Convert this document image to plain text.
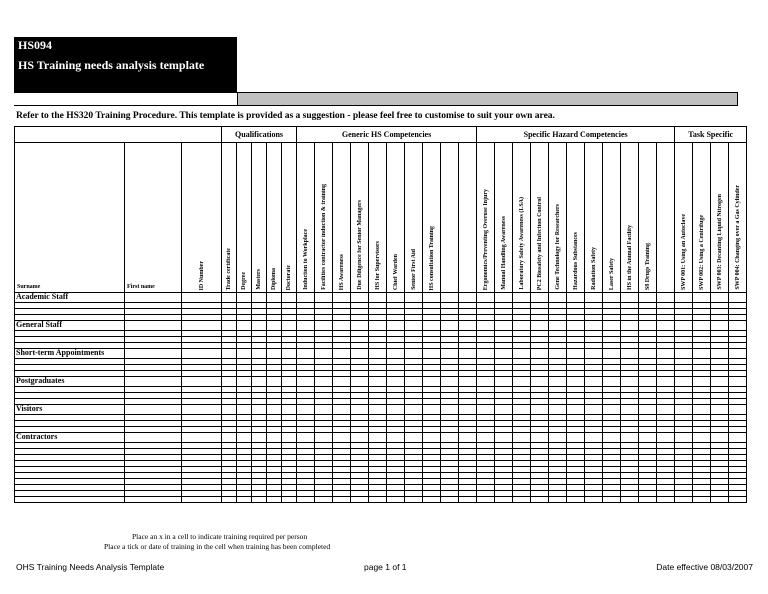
HS094
HS Training needs analysis template
Refer to the HS320 Training Procedure. This template is provided as a suggestion - please feel free to customise to suit your own area.
			Qualifications					Generic HS Competencies										Specific Hazard Competencies											Task Specific			

Surname	First name	ID Number	Trade certificate	Degree	Masters	Diploma	Doctorate	Induction to Workplace	Facilities contractor induction & training	HS Awareness	Due Diligence for Senior Managers	HS for Supervisors	Chief Warden	Senior First Aid	HS consultation Training			Ergonomics/Preventing Overuse Injury	Manual Handling Awareness	Laboratory Safety Awareness (LSA)	PC2 Biosafety and Infection Control	Gene Technology for Researchers	Hazardous Substances	Radiation Safety	Laser Safety	HS in the Animal Facility	S8 Drugs Training		SWP 001: Using an Autoclave	SWP 002: Using a Centrifuge	SWP 003: Decanting Liquid Nitrogen	SWP 004: Changing over a Gas Cylinder

Academic Staff																																

General Staff																																

Short-term Appointments																																

Postgraduates																																

Visitors																																

Contractors																																

Place an x in a cell to indicate training required per person
Place a tick or date of training in the cell when training has been completed
OHS Training Needs Analysis Template	page 1 of 1	Date effective 08/03/2007
